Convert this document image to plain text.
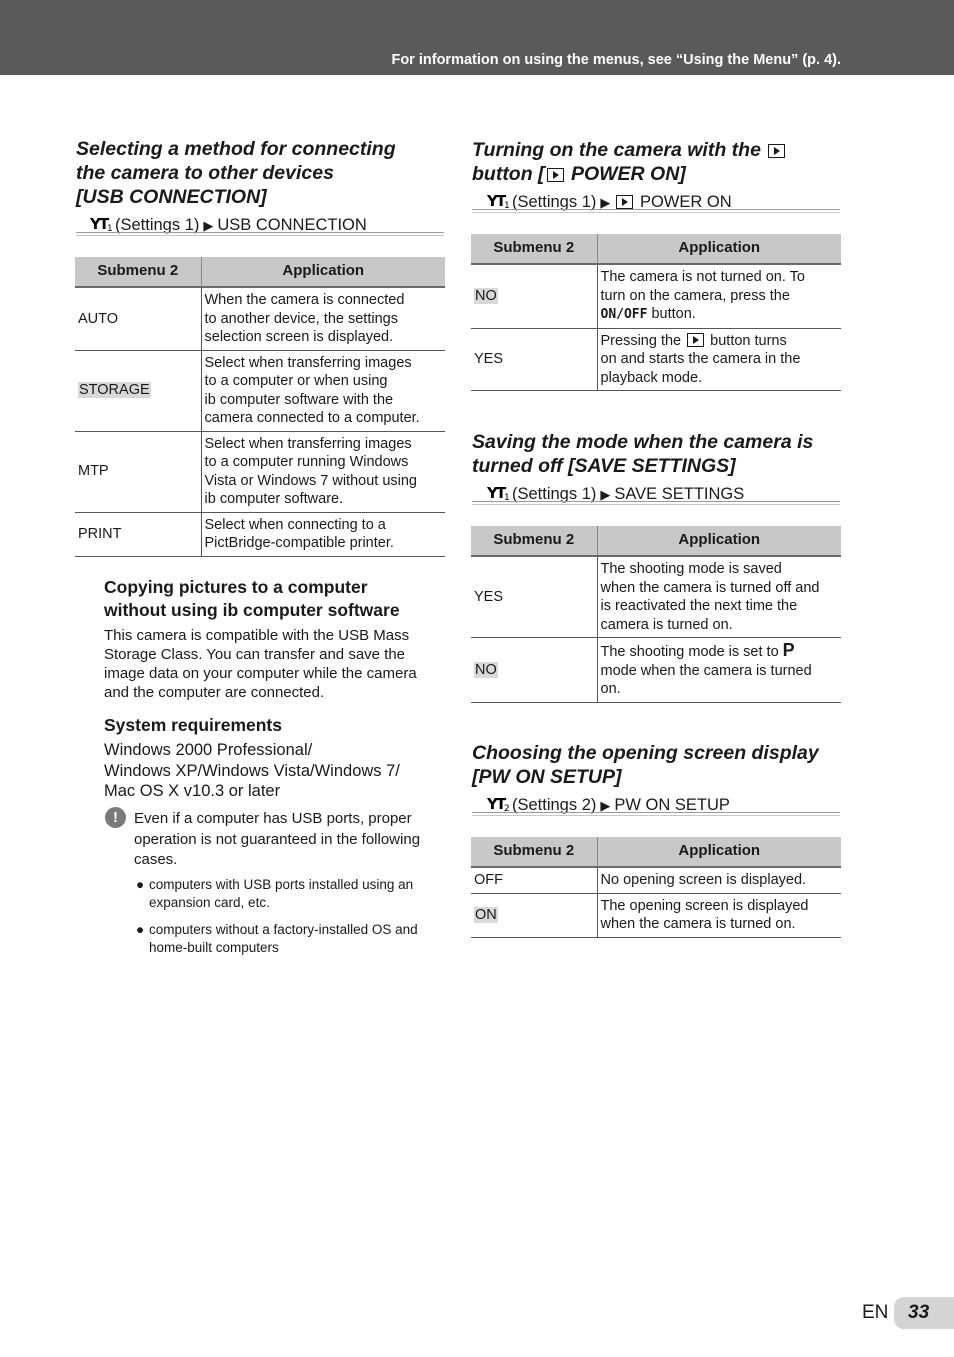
For information on using the menus, see “Using the Menu” (p. 4).
Selecting a method for connecting
the camera to other devices
[USB CONNECTION]
Y
T
1 (Settings 1) ▶ USB CONNECTION
Submenu 2	Application
AUTO	When the camera is connected
to another device, the settings
selection screen is displayed.

STORAGE	Select when transferring images
to a computer or when using
ib computer software with the
camera connected to a computer.

MTP	Select when transferring images
to a computer running Windows
Vista or Windows 7 without using
ib computer software.

PRINT	Select when connecting to a
PictBridge-compatible printer.
Copying pictures to a computer
without using ib computer software
This camera is compatible with the USB Mass
Storage Class. You can transfer and save the
image data on your computer while the camera
and the computer are connected.
System requirements
Windows 2000 Professional/
Windows XP/Windows Vista/Windows 7/
Mac OS X v10.3 or later
!	Even if a computer has USB ports, proper
operation is not guaranteed in the following
cases.
● computers with USB ports installed using an
expansion card, etc.
● computers without a factory-installed OS and
home-built computers
Turning on the camera with the
button [ POWER ON]
Y
T
1 (Settings 1) ▶ POWER ON
Submenu 2	Application
NO	The camera is not turned on. To
turn on the camera, press the
ON/OFF button.

YES	Pressing the  button turns
on and starts the camera in the
playback mode.
Saving the mode when the camera is
turned off [SAVE SETTINGS]
Y
T
1 (Settings 1) ▶ SAVE SETTINGS
Submenu 2	Application
YES	The shooting mode is saved
when the camera is turned off and
is reactivated the next time the
camera is turned on.

NO	The shooting mode is set to P
mode when the camera is turned
on.
Choosing the opening screen display
[PW ON SETUP]
Y
T
2 (Settings 2) ▶ PW ON SETUP
Submenu 2	Application
OFF	No opening screen is displayed.

ON	The opening screen is displayed
when the camera is turned on.
EN 33
